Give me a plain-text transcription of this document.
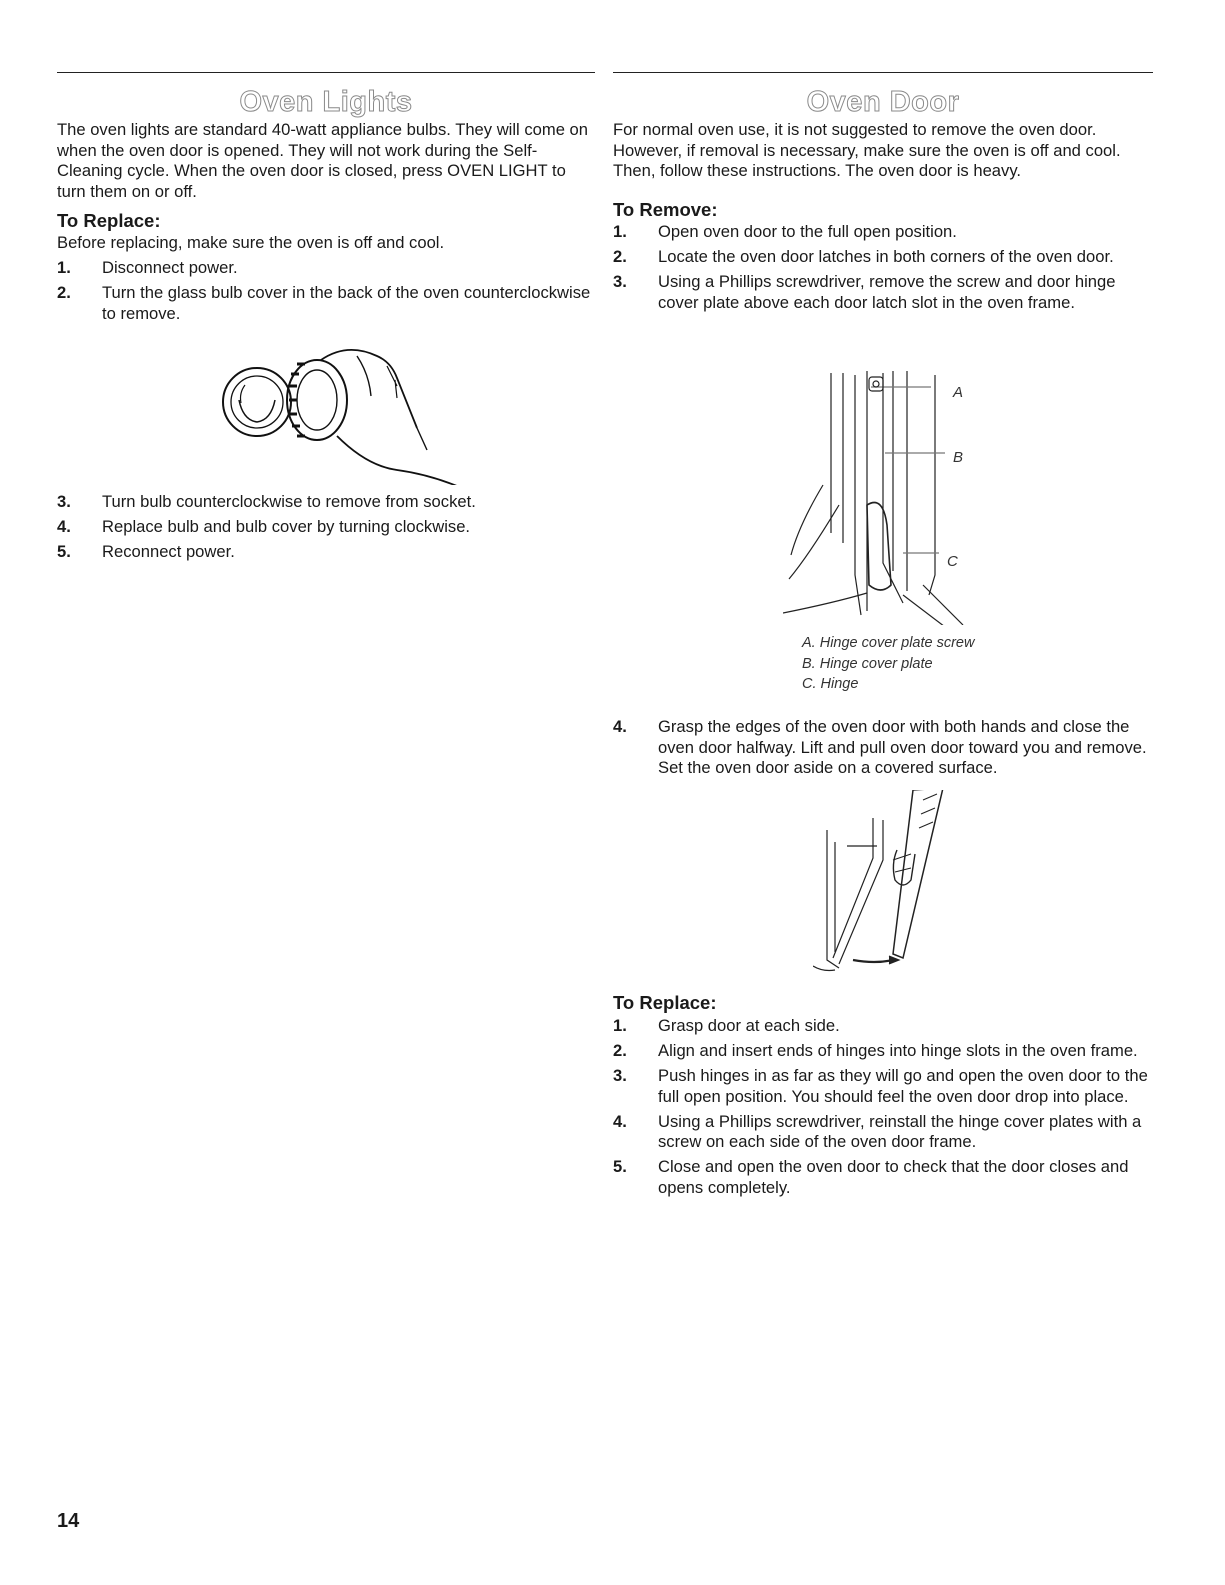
Oven Lights

The oven lights are standard 40-watt appliance bulbs. They will come on when the oven door is opened. They will not work during the Self-Cleaning cycle. When the oven door is closed, press OVEN LIGHT to turn them on or off.

To Replace:

Before replacing, make sure the oven is off and cool.

1. Disconnect power.
2. Turn the glass bulb cover in the back of the oven counterclockwise to remove.
3. Turn bulb counterclockwise to remove from socket.
4. Replace bulb and bulb cover by turning clockwise.
5. Reconnect power.
Oven Door

For normal oven use, it is not suggested to remove the oven door. However, if removal is necessary, make sure the oven is off and cool. Then, follow these instructions. The oven door is heavy.

To Remove:
1. Open oven door to the full open position.
2. Locate the oven door latches in both corners of the oven door.
3. Using a Phillips screwdriver, remove the screw and door hinge cover plate above each door latch slot in the oven frame.
A
B
C
A. Hinge cover plate screw
B. Hinge cover plate
C. Hinge
4. Grasp the edges of the oven door with both hands and close the oven door halfway. Lift and pull oven door toward you and remove. Set the oven door aside on a covered surface.
To Replace:
1. Grasp door at each side.
2. Align and insert ends of hinges into hinge slots in the oven frame.
3. Push hinges in as far as they will go and open the oven door to the full open position. You should feel the oven door drop into place.
4. Using a Phillips screwdriver, reinstall the hinge cover plates with a screw on each side of the oven door frame.
5. Close and open the oven door to check that the door closes and opens completely.
14
